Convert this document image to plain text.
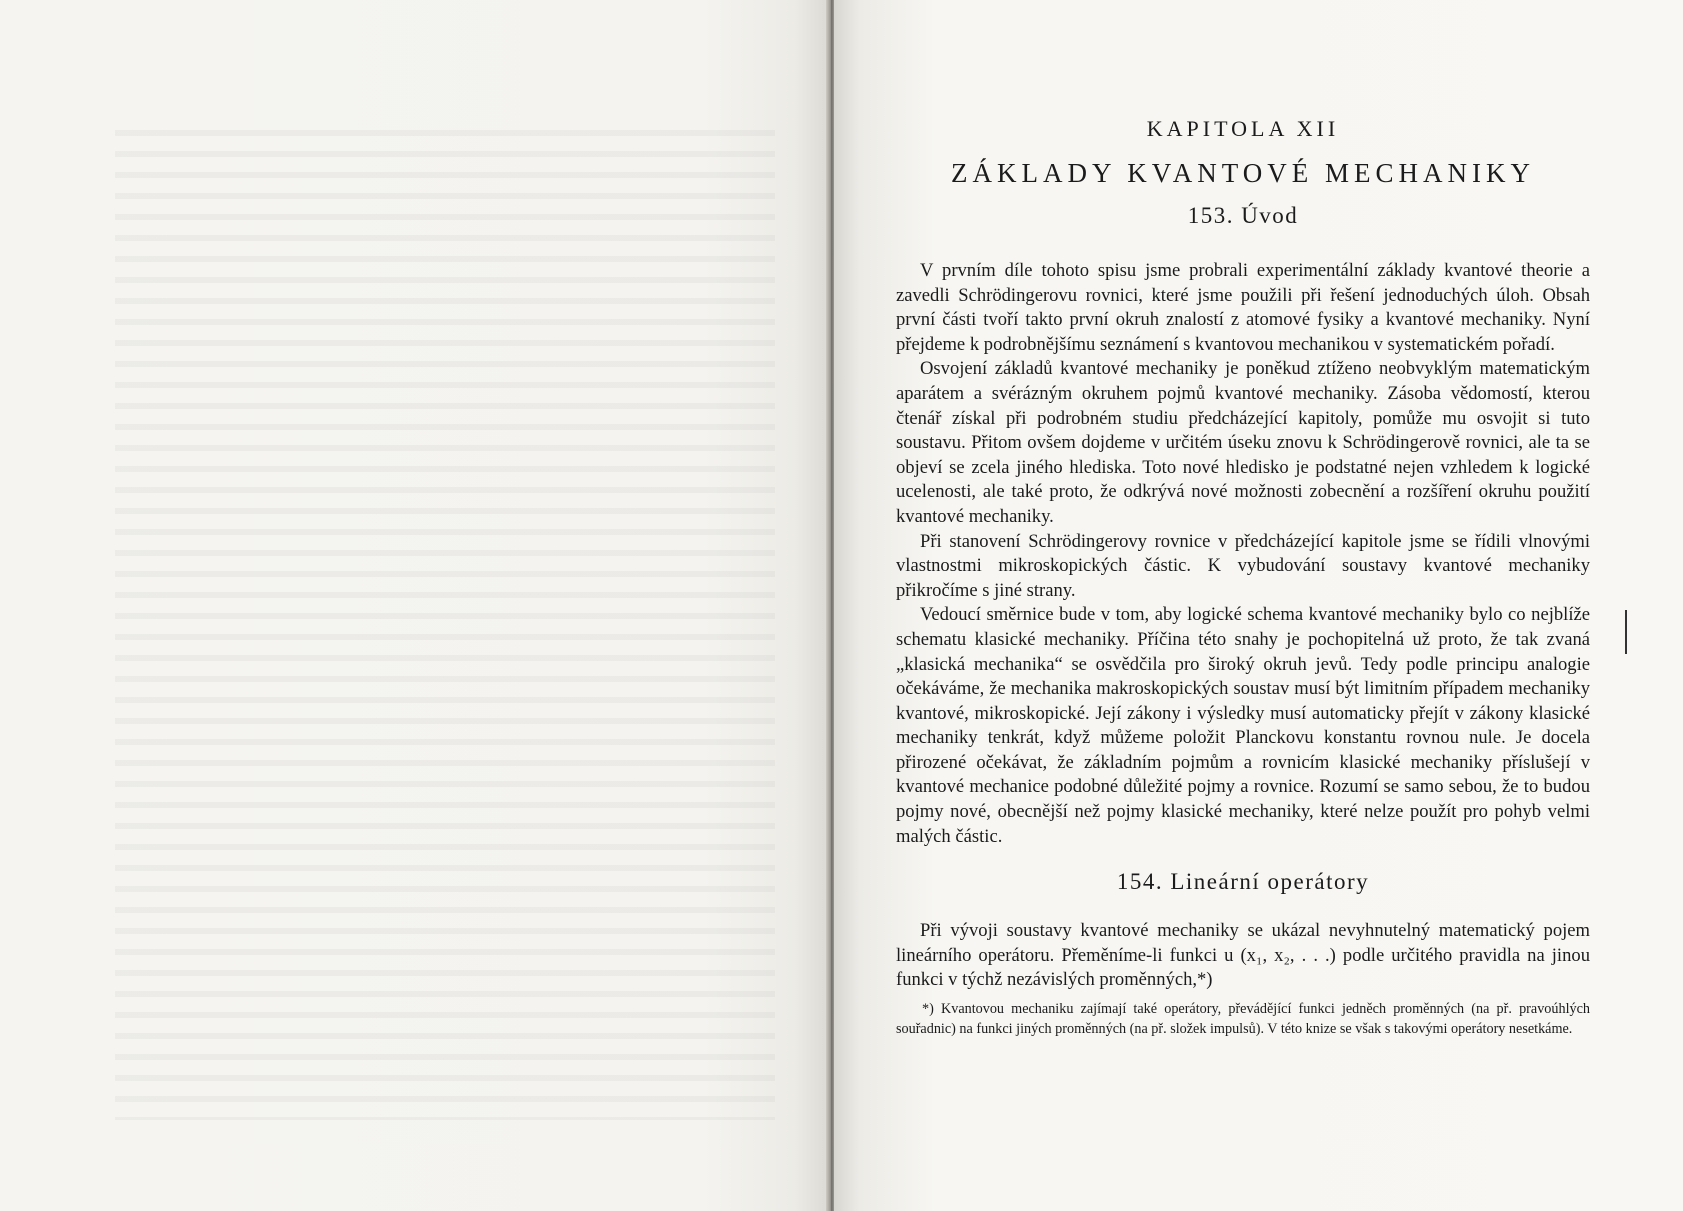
KAPITOLA XII
ZÁKLADY KVANTOVÉ MECHANIKY
153. Úvod

V prvním díle tohoto spisu jsme probrali experimentální základy kvantové theorie a zavedli Schrödingerovu rovnici, které jsme použili při řešení jednoduchých úloh. Obsah první části tvoří takto první okruh znalostí z atomové fysiky a kvantové mechaniky. Nyní přejdeme k podrobnějšímu seznámení s kvantovou mechanikou v systematickém pořadí.

Osvojení základů kvantové mechaniky je poněkud ztíženo neobvyklým matematickým aparátem a svérázným okruhem pojmů kvantové mechaniky. Zásoba vědomostí, kterou čtenář získal při podrobném studiu předcházející kapitoly, pomůže mu osvojit si tuto soustavu. Přitom ovšem dojdeme v určitém úseku znovu k Schrödingerově rovnici, ale ta se objeví se zcela jiného hlediska. Toto nové hledisko je podstatné nejen vzhledem k logické ucelenosti, ale také proto, že odkrývá nové možnosti zobecnění a rozšíření okruhu použití kvantové mechaniky.

Při stanovení Schrödingerovy rovnice v předcházející kapitole jsme se řídili vlnovými vlastnostmi mikroskopických částic. K vybudování soustavy kvantové mechaniky přikročíme s jiné strany.

Vedoucí směrnice bude v tom, aby logické schema kvantové mechaniky bylo co nejblíže schematu klasické mechaniky. Příčina této snahy je pochopitelná už proto, že tak zvaná „klasická mechanika“ se osvědčila pro široký okruh jevů. Tedy podle principu analogie očekáváme, že mechanika makroskopických soustav musí být limitním případem mechaniky kvantové, mikroskopické. Její zákony i výsledky musí automaticky přejít v zákony klasické mechaniky tenkrát, když můžeme položit Planckovu konstantu rovnou nule. Je docela přirozené očekávat, že základním pojmům a rovnicím klasické mechaniky příslušejí v kvantové mechanice podobné důležité pojmy a rovnice. Rozumí se samo sebou, že to budou pojmy nové, obecnější než pojmy klasické mechaniky, které nelze použít pro pohyb velmi malých částic.

154. Lineární operátory

Při vývoji soustavy kvantové mechaniky se ukázal nevyhnutelný matematický pojem lineárního operátoru. Přeměníme-li funkci u (x₁, x₂, . . .) podle určitého pravidla na jinou funkci v týchž nezávislých proměnných,*)

*) Kvantovou mechaniku zajímají také operátory, převádějící funkci jedněch proměnných (na př. pravoúhlých souřadnic) na funkci jiných proměnných (na př. složek impulsů). V této knize se však s takovými operátory nesetkáme.
